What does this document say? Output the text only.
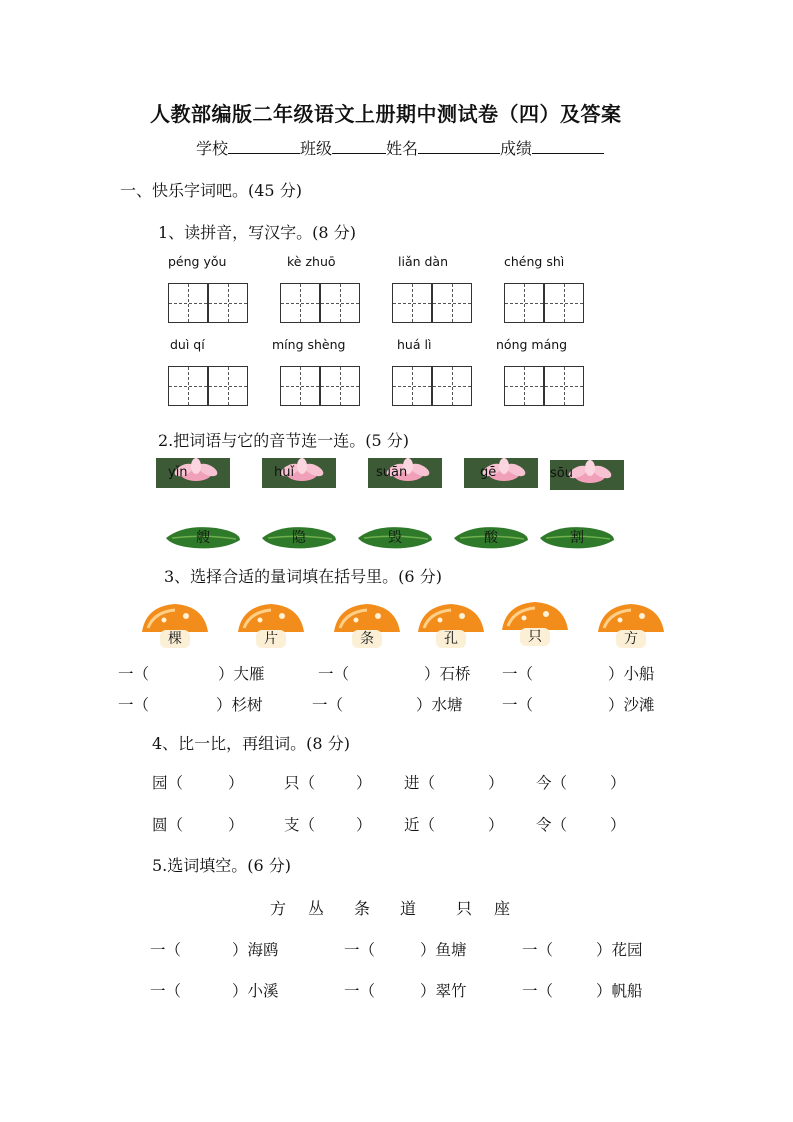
人教部编版二年级语文上册期中测试卷（四）及答案
学校	班级	姓名	成绩
一、快乐字词吧。(45 分)
1、读拼音，写汉字。(8 分)
péng yǒu	kè zhuō	liǎn dàn	chéng shì
duì qí	míng shèng	huá lì	nóng máng
2.把词语与它的音节连一连。(5 分)
yǐn	huǐ	suān	gē	sōu
艘	隐	毁	酸	割
3、选择合适的量词填在括号里。(6 分)
棵	片	条	孔	只	方
一（	）大雁	一（	）石桥 一（	）小船
一（	）杉树	一（	）水塘	一（	）沙滩
4、比一比，再组词。(8 分)
园（	）	只（	） 进（	） 今（	）
圆（	）	支（	） 近（	） 令（	）
5.选词填空。(6 分)
方 丛 条 道 只 座
一（	）海鸥	一（	）鱼塘	一（	）花园
一（	）小溪	一（	）翠竹	一（	）帆船
